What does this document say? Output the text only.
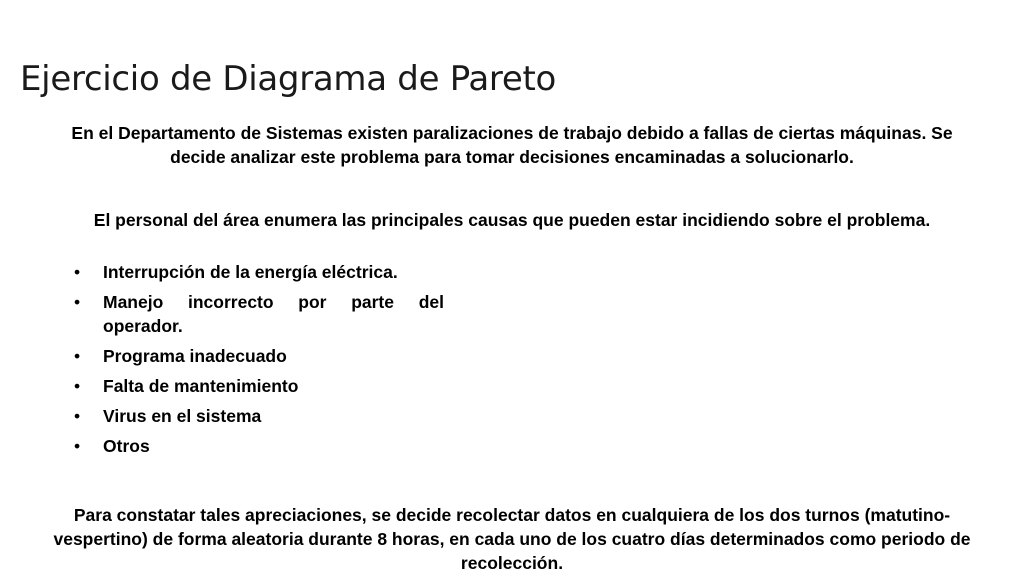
Ejercicio de Diagrama de Pareto

En el Departamento de Sistemas existen paralizaciones de trabajo debido a fallas de ciertas máquinas. Se decide analizar este problema para tomar decisiones encaminadas a solucionarlo.

El personal del área enumera las principales causas que pueden estar incidiendo sobre el problema.

• Interrupción de la energía eléctrica.
• Manejo incorrecto por parte del operador.
• Programa inadecuado
• Falta de mantenimiento
• Virus en el sistema
• Otros

Para constatar tales apreciaciones, se decide recolectar datos en cualquiera de los dos turnos (matutino-vespertino) de forma aleatoria durante 8 horas, en cada uno de los cuatro días determinados como periodo de recolección.
